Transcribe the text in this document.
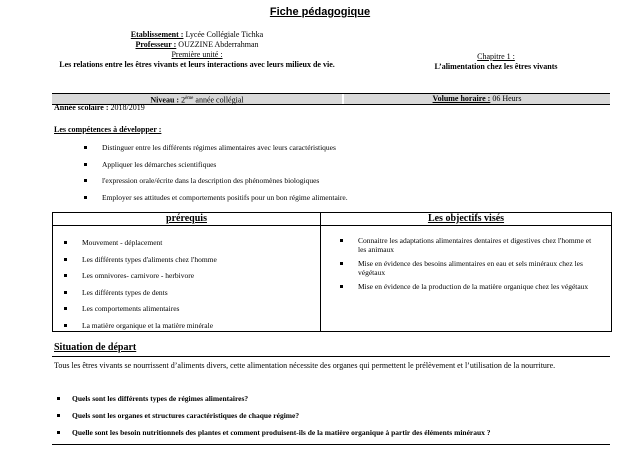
Fiche pédagogique
Etablissement : Lycée Collégiale Tichka
Professeur : OUZZINE Abderrahman
Première unité :
Les relations entre les êtres vivants et leurs interactions avec leurs milieux de vie.
Chapitre 1 :
L’alimentation chez les êtres vivants
Niveau : 2ème année collégial	Volume horaire : 06 Heurs
Année scolaire : 2018/2019
Les compétences à développer :
Distinguer entre les différents régimes alimentaires avec leurs caractéristiques
Appliquer les démarches scientifiques
l'expression orale/écrite dans la description des phénomènes biologiques
Employer ses attitudes et comportements positifs pour un bon régime alimentaire.
prérequis	Les objectifs visés
Mouvement - déplacement
Les différents types d'aliments chez l'homme
Les omnivores- carnivore - herbivore
Les différents types de dents
Les comportements alimentaires
La matière organique et la matière minérale
Connaitre les adaptations alimentaires dentaires et digestives chez l'homme et les animaux
Mise en évidence des besoins alimentaires en eau et sels minéraux chez les végétaux
Mise en évidence de la production de la matière organique chez les végétaux
Situation de départ
Tous les êtres vivants se nourrissent d’aliments divers, cette alimentation nécessite des organes qui permettent le prélèvement et l’utilisation de la nourriture.
Quels sont les différents types de régimes alimentaires?
Quels sont les organes et structures caractéristiques de chaque régime?
Quelle sont les besoin nutritionnels des plantes et comment produisent-ils de la matière organique à partir des éléments minéraux ?
